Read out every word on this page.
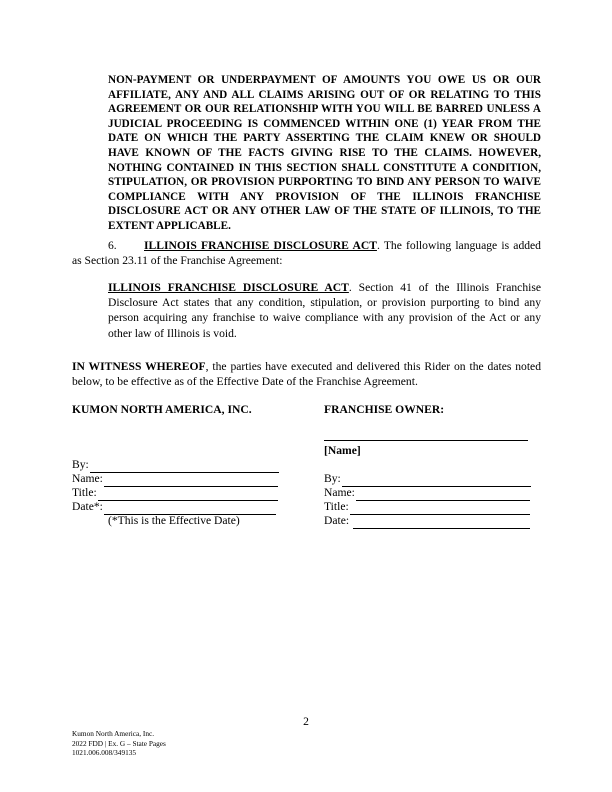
NON-PAYMENT OR UNDERPAYMENT OF AMOUNTS YOU OWE US OR OUR AFFILIATE, ANY AND ALL CLAIMS ARISING OUT OF OR RELATING TO THIS AGREEMENT OR OUR RELATIONSHIP WITH YOU WILL BE BARRED UNLESS A JUDICIAL PROCEEDING IS COMMENCED WITHIN ONE (1) YEAR FROM THE DATE ON WHICH THE PARTY ASSERTING THE CLAIM KNEW OR SHOULD HAVE KNOWN OF THE FACTS GIVING RISE TO THE CLAIMS. HOWEVER, NOTHING CONTAINED IN THIS SECTION SHALL CONSTITUTE A CONDITION, STIPULATION, OR PROVISION PURPORTING TO BIND ANY PERSON TO WAIVE COMPLIANCE WITH ANY PROVISION OF THE ILLINOIS FRANCHISE DISCLOSURE ACT OR ANY OTHER LAW OF THE STATE OF ILLINOIS, TO THE EXTENT APPLICABLE.
6. ILLINOIS FRANCHISE DISCLOSURE ACT. The following language is added as Section 23.11 of the Franchise Agreement:
ILLINOIS FRANCHISE DISCLOSURE ACT. Section 41 of the Illinois Franchise Disclosure Act states that any condition, stipulation, or provision purporting to bind any person acquiring any franchise to waive compliance with any provision of the Act or any other law of Illinois is void.
IN WITNESS WHEREOF, the parties have executed and delivered this Rider on the dates noted below, to be effective as of the Effective Date of the Franchise Agreement.
KUMON NORTH AMERICA, INC.	FRANCHISE OWNER:
[Name]
By:
Name:
Title:
Date*:
(*This is the Effective Date)
By:
Name:
Title:
Date:
2
Kumon North America, Inc.
2022 FDD | Ex. G – State Pages
1021.006.008/349135
